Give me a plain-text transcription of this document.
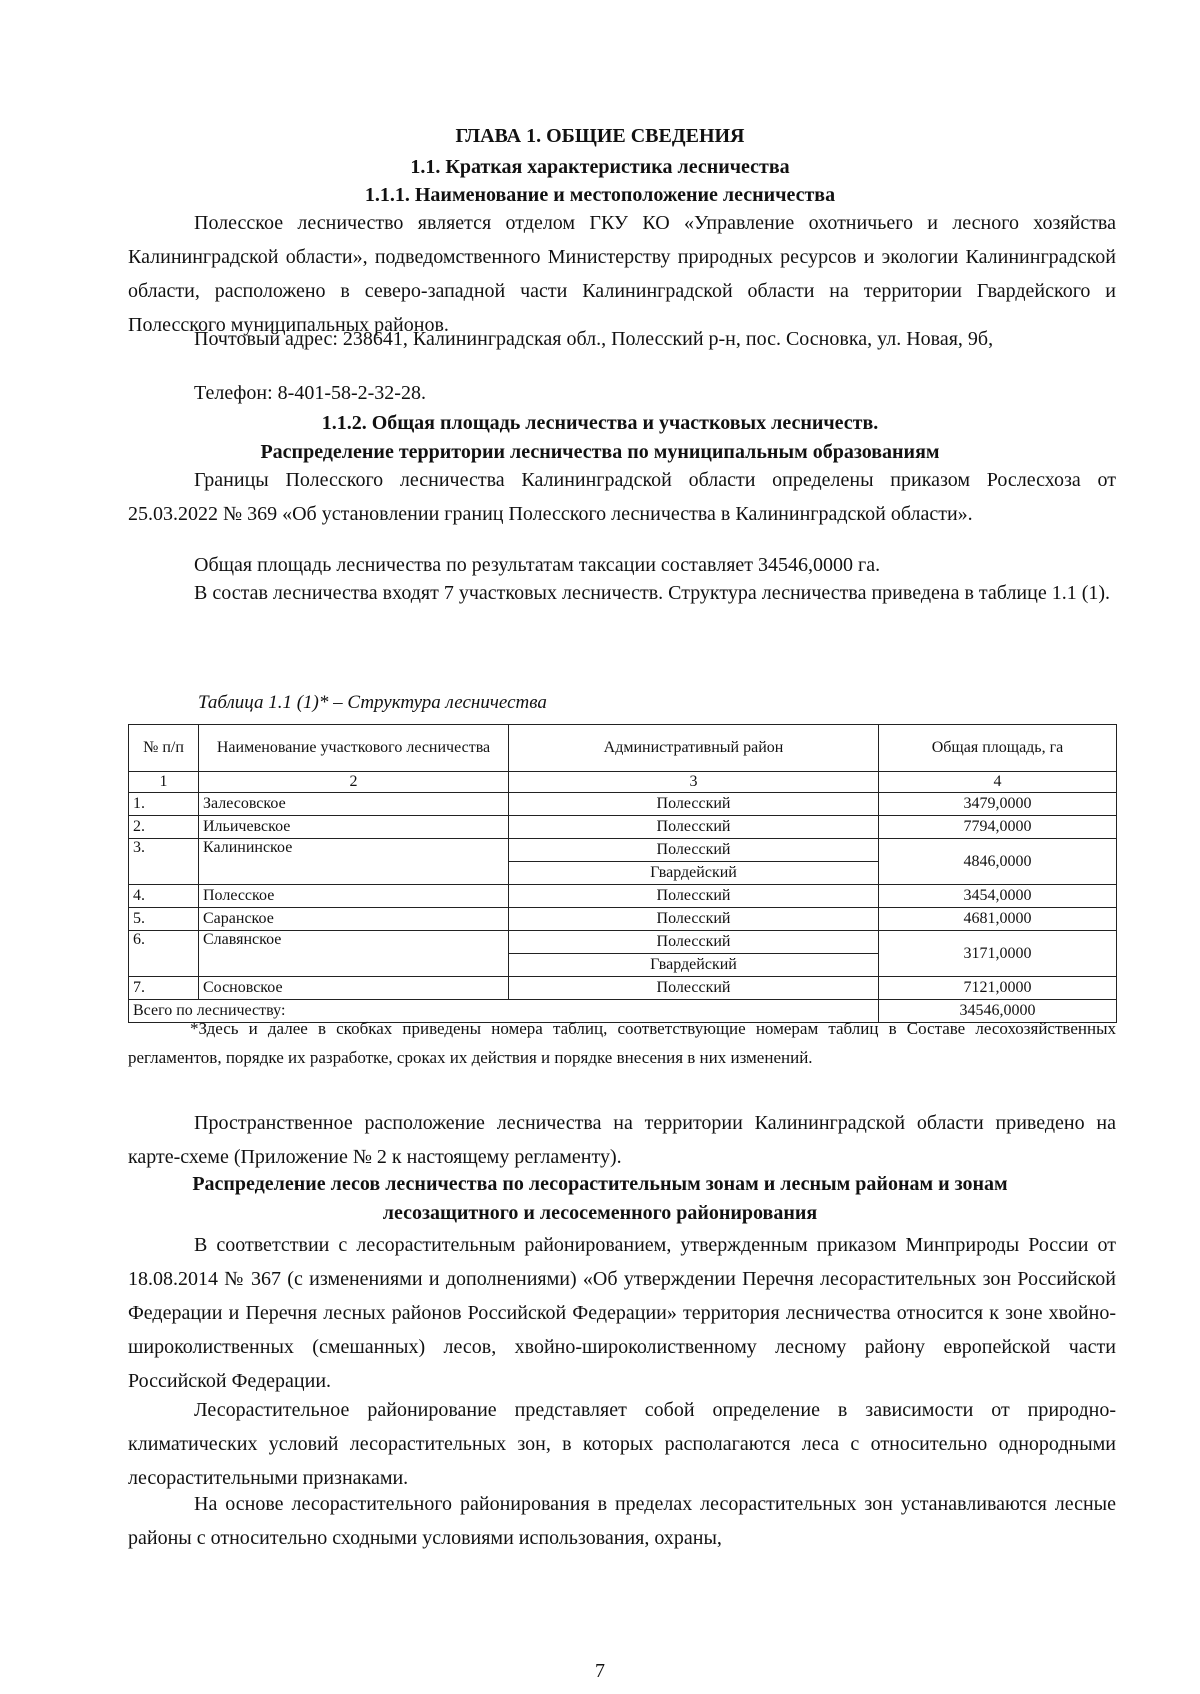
ГЛАВА 1. ОБЩИЕ СВЕДЕНИЯ
1.1. Краткая характеристика лесничества
1.1.1. Наименование и местоположение лесничества
Полесское лесничество является отделом ГКУ КО «Управление охотничьего и лесного хозяйства Калининградской области», подведомственного Министерству природных ресурсов и экологии Калининградской области, расположено в северо-западной части Калининградской области на территории Гвардейского и Полесского муниципальных районов.
Почтовый адрес: 238641, Калининградская обл., Полесский р-н, пос. Сосновка, ул. Новая, 9б,
Телефон: 8-401-58-2-32-28.
1.1.2. Общая площадь лесничества и участковых лесничеств.
Распределение территории лесничества по муниципальным образованиям
Границы Полесского лесничества Калининградской области определены приказом Рослесхоза от 25.03.2022 № 369 «Об установлении границ Полесского лесничества в Калининградской области».
Общая площадь лесничества по результатам таксации составляет 34546,0000 га.
В состав лесничества входят 7 участковых лесничеств. Структура лесничества приведена в таблице 1.1 (1).
Таблица 1.1 (1)* – Структура лесничества
№ п/п	Наименование участкового лесничества	Административный район	Общая площадь, га
1	2	3	4
1.	Залесовское	Полесский	3479,0000
2.	Ильичевское	Полесский	7794,0000
3.	Калининское	Полесский	4846,0000
		Гвардейский	
4.	Полесское	Полесский	3454,0000
5.	Саранское	Полесский	4681,0000
6.	Славянское	Полесский	3171,0000
		Гвардейский	
7.	Сосновское	Полесский	7121,0000
Всего по лесничеству:			34546,0000
*Здесь и далее в скобках приведены номера таблиц, соответствующие номерам таблиц в Составе лесохозяйственных регламентов, порядке их разработке, сроках их действия и порядке внесения в них изменений.
Пространственное расположение лесничества на территории Калининградской области приведено на карте-схеме (Приложение № 2 к настоящему регламенту).
Распределение лесов лесничества по лесорастительным зонам и лесным районам и зонам
лесозащитного и лесосеменного районирования
В соответствии с лесорастительным районированием, утвержденным приказом Минприроды России от 18.08.2014 № 367 (с изменениями и дополнениями) «Об утверждении Перечня лесорастительных зон Российской Федерации и Перечня лесных районов Российской Федерации» территория лесничества относится к зоне хвойно-широколиственных (смешанных) лесов, хвойно-широколиственному лесному району европейской части Российской Федерации.
Лесорастительное районирование представляет собой определение в зависимости от природно-климатических условий лесорастительных зон, в которых располагаются леса с относительно однородными лесорастительными признаками.
На основе лесорастительного районирования в пределах лесорастительных зон устанавливаются лесные районы с относительно сходными условиями использования, охраны,
7
